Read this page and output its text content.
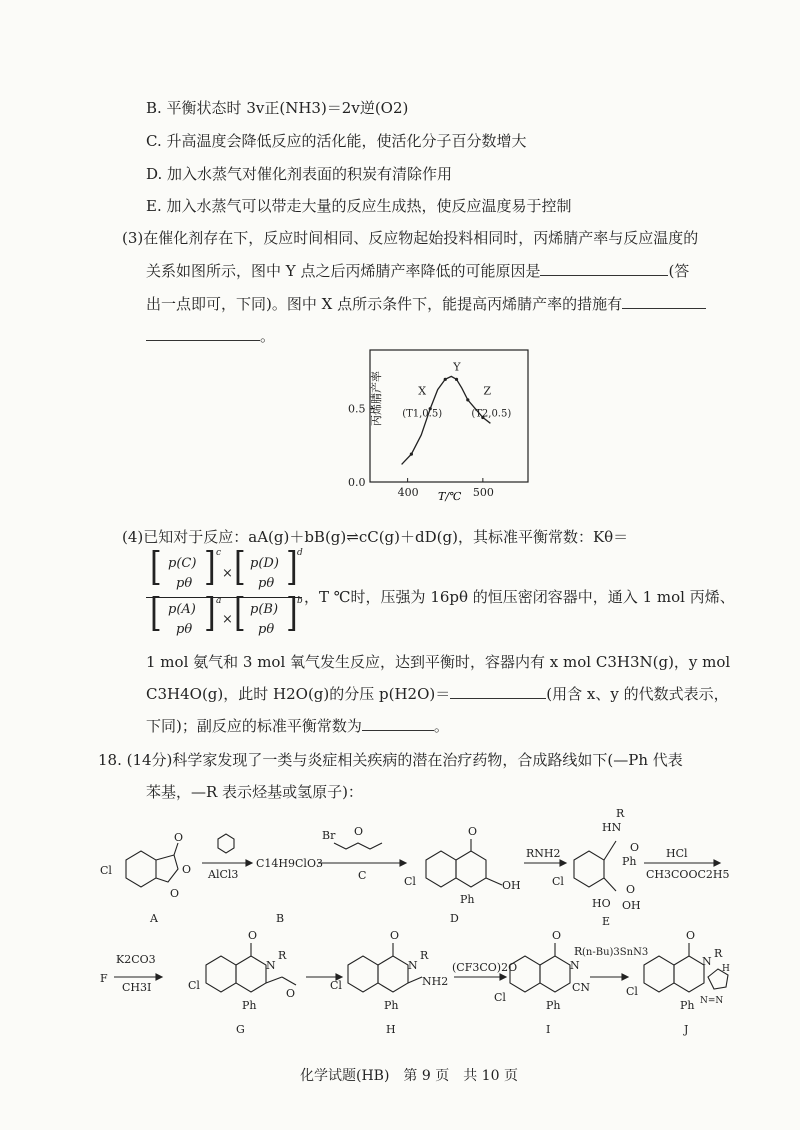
B. 平衡状态时 3v正(NH3)＝2v逆(O2)
C. 升高温度会降低反应的活化能，使活化分子百分数增大
D. 加入水蒸气对催化剂表面的积炭有清除作用
E. 加入水蒸气可以带走大量的反应生成热，使反应温度易于控制
(3)在催化剂存在下，反应时间相同、反应物起始投料相同时，丙烯腈产率与反应温度的
关系如图所示，图中 Y 点之后丙烯腈产率降低的可能原因是	(答
出一点即可，下同)。图中 X 点所示条件下，能提高丙烯腈产率的措施有
。
400	500
0.0
0.5
X
(T1,0.5)
Y
Z
(T2,0.5)
丙烯腈产率
T/℃
(4)已知对于反应：aA(g)＋bB(g)⇌cC(g)＋dD(g)，其标准平衡常数：Kθ＝
[ p(C)
pθ ] c
× [ p(D)
pθ ] d
[ p(A)
pθ ] a
× [ p(B)
pθ ] b ，T ℃时，压强为 16pθ 的恒压密闭容器中，通入 1 mol 丙烯、
1 mol 氨气和 3 mol 氧气发生反应，达到平衡时，容器内有 x mol C3H3N(g)，y mol
C3H4O(g)，此时 H2O(g)的分压 p(H2O)＝	(用含 x、y 的代数式表示，
下同)；副反应的标准平衡常数为	。
18. (14分)科学家发现了一类与炎症相关疾病的潜在治疗药物，合成路线如下(—Ph 代表
苯基，—R 表示烃基或氢原子)：
Cl
O
O
O
A
AlCl3
C14H9ClO3
B
Br O
C
O
Cl	OH
Ph
D
RNH2
HN
R
O
Ph
Cl
HO
O
OH
E
HCl
CH3COOC2H5
F
K2CO3
CH3I
O
N
R
Cl
O
Ph
G
O
N
R
Cl	NH2
Ph
H
(CF3CO)2O
O
N
R
Cl
CN
Ph
I
(n-Bu)3SnN3
O
N
R
H
N=N
Cl
Ph
J
化学试题(HB)　第 9 页　共 10 页
